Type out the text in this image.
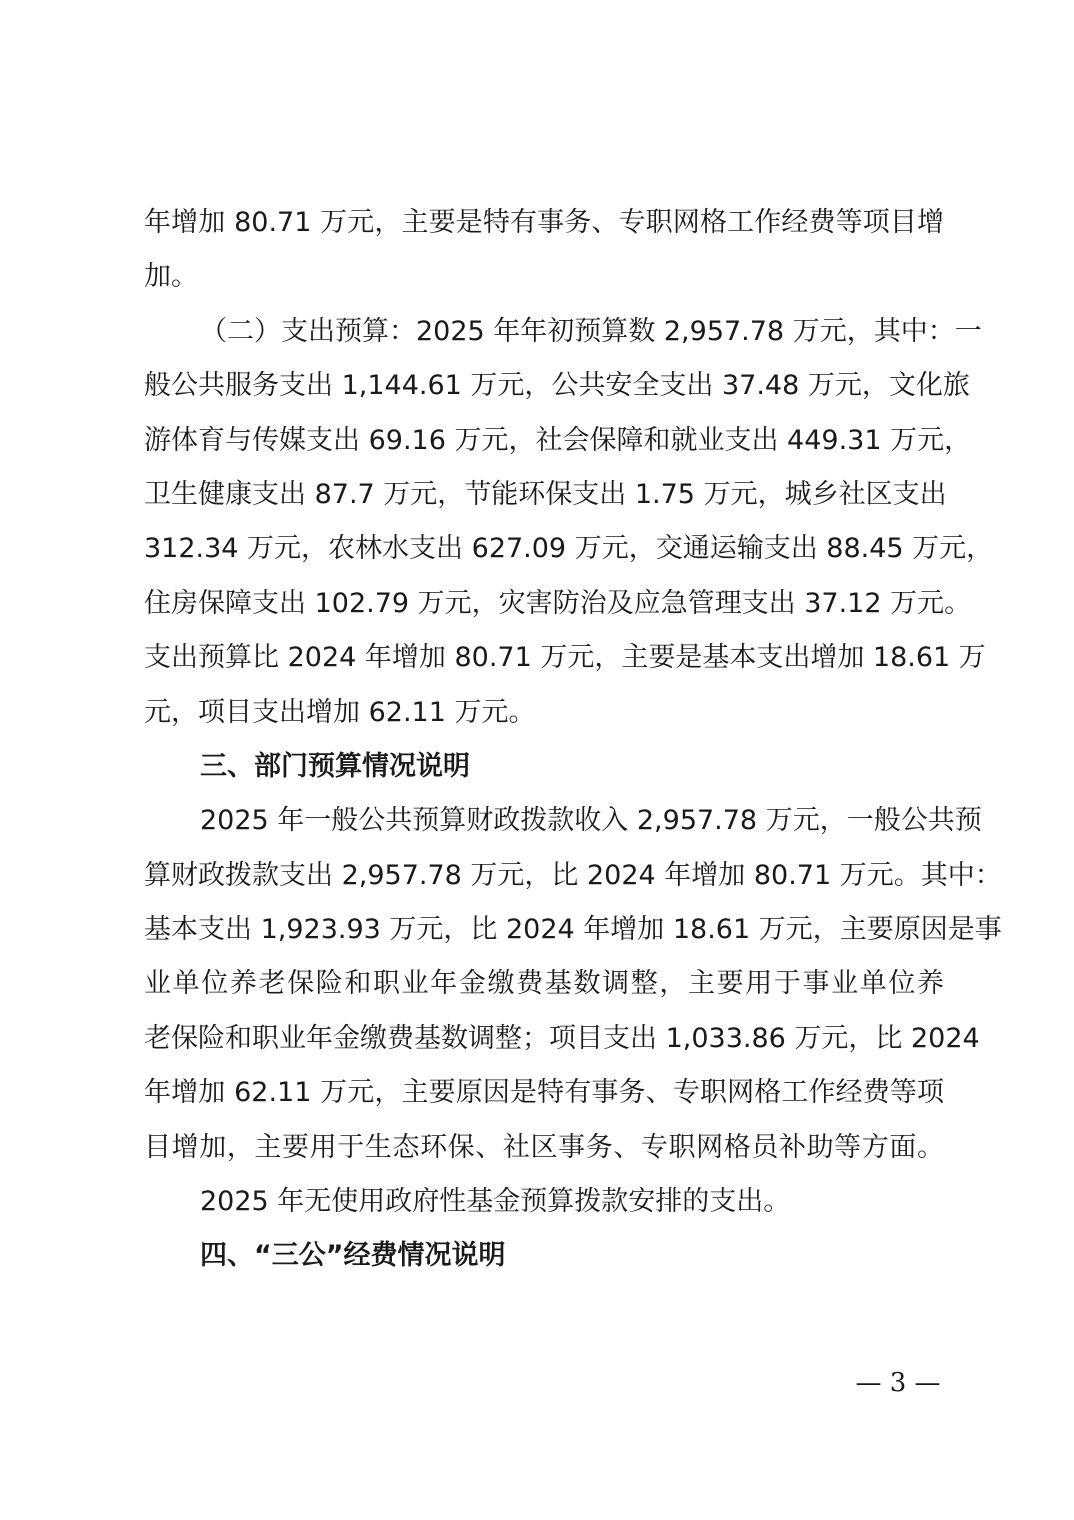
年增加 80.71 万元，主要是特有事务、专职网格工作经费等项目增
加。
（二）支出预算：2025 年年初预算数 2,957.78 万元，其中：一
般公共服务支出 1,144.61 万元，公共安全支出 37.48 万元，文化旅
游体育与传媒支出 69.16 万元，社会保障和就业支出 449.31 万元，
卫生健康支出 87.7 万元，节能环保支出 1.75 万元，城乡社区支出
312.34 万元，农林水支出 627.09 万元，交通运输支出 88.45 万元，
住房保障支出 102.79 万元，灾害防治及应急管理支出 37.12 万元。
支出预算比 2024 年增加 80.71 万元，主要是基本支出增加 18.61 万
元，项目支出增加 62.11 万元。
三、部门预算情况说明
2025 年一般公共预算财政拨款收入 2,957.78 万元，一般公共预
算财政拨款支出 2,957.78 万元，比 2024 年增加 80.71 万元。其中：
基本支出 1,923.93 万元，比 2024 年增加 18.61 万元，主要原因是事
业单位养老保险和职业年金缴费基数调整，主要用于事业单位养
老保险和职业年金缴费基数调整；项目支出 1,033.86 万元，比 2024
年增加 62.11 万元，主要原因是特有事务、专职网格工作经费等项
目增加，主要用于生态环保、社区事务、专职网格员补助等方面。
2025 年无使用政府性基金预算拨款安排的支出。
四、“三公”经费情况说明
— 3 —
